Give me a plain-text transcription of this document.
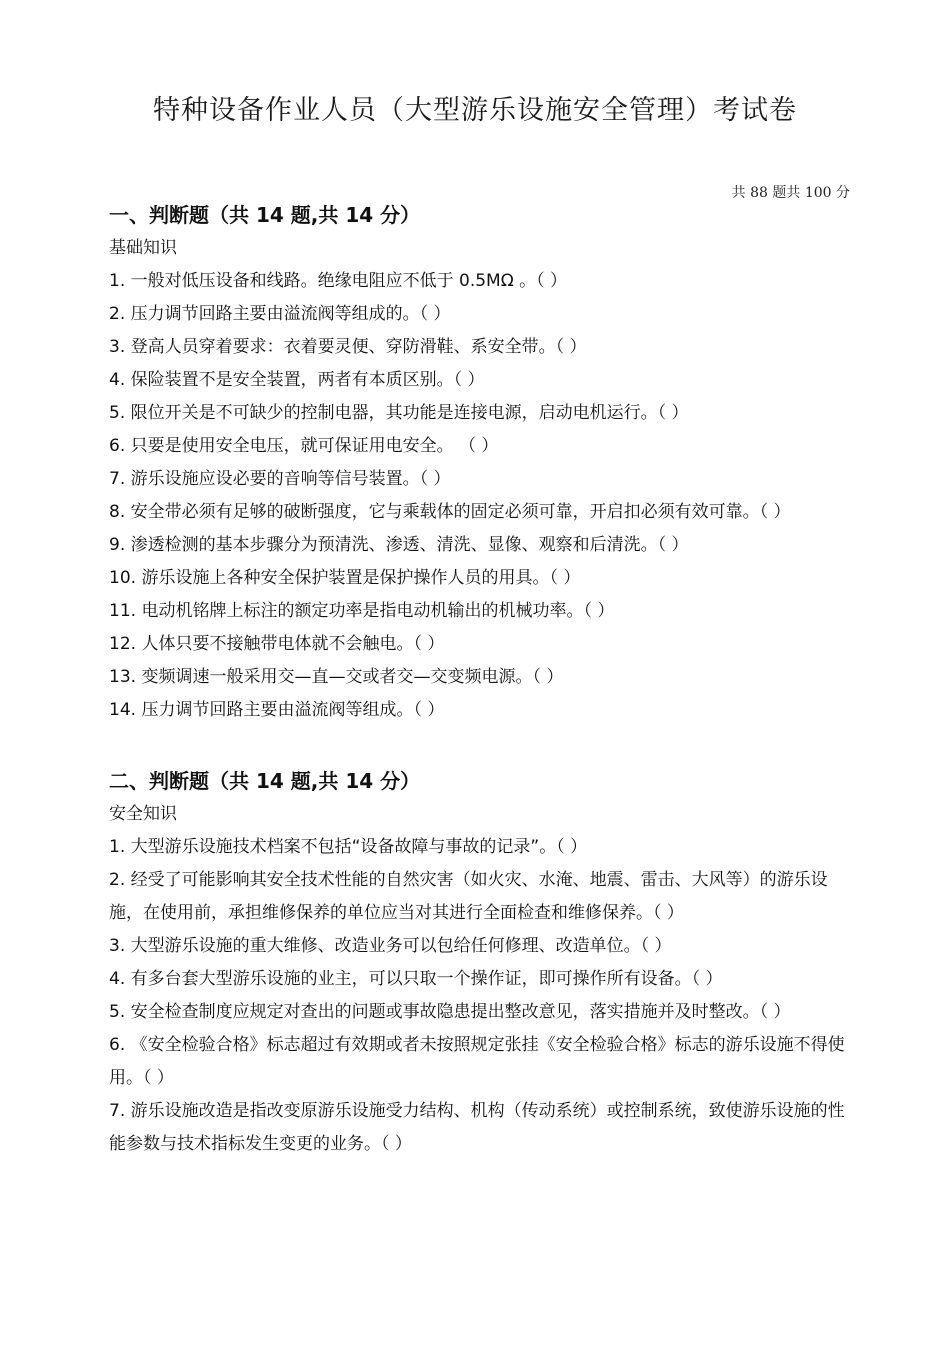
特种设备作业人员（大型游乐设施安全管理）考试卷
共 88 题共 100 分

一、判断题（共 14 题,共 14 分）

基础知识

1. 一般对低压设备和线路。绝缘电阻应不低于 0.5MΩ 。（ ）

2. 压力调节回路主要由溢流阀等组成的。（ ）

3. 登高人员穿着要求：衣着要灵便、穿防滑鞋、系安全带。（ ）

4. 保险装置不是安全装置，两者有本质区别。（ ）

5. 限位开关是不可缺少的控制电器，其功能是连接电源，启动电机运行。（ ）

6. 只要是使用安全电压，就可保证用电安全。 （ ）

7. 游乐设施应设必要的音响等信号装置。（ ）

8. 安全带必须有足够的破断强度，它与乘载体的固定必须可靠，开启扣必须有效可靠。（ ）

9. 渗透检测的基本步骤分为预清洗、渗透、清洗、显像、观察和后清洗。（ ）

10. 游乐设施上各种安全保护装置是保护操作人员的用具。（ ）

11. 电动机铭牌上标注的额定功率是指电动机输出的机械功率。（ ）

12. 人体只要不接触带电体就不会触电。（ ）

13. 变频调速一般采用交—直—交或者交—交变频电源。（ ）

14. 压力调节回路主要由溢流阀等组成。（ ）

二、判断题（共 14 题,共 14 分）

安全知识

1. 大型游乐设施技术档案不包括“设备故障与事故的记录”。（ ）

2. 经受了可能影响其安全技术性能的自然灾害（如火灾、水淹、地震、雷击、大风等）的游乐设施，在使用前，承担维修保养的单位应当对其进行全面检查和维修保养。（ ）

3. 大型游乐设施的重大维修、改造业务可以包给任何修理、改造单位。（ ）

4. 有多台套大型游乐设施的业主，可以只取一个操作证，即可操作所有设备。（ ）

5. 安全检查制度应规定对查出的问题或事故隐患提出整改意见，落实措施并及时整改。（ ）

6. 《安全检验合格》标志超过有效期或者未按照规定张挂《安全检验合格》标志的游乐设施不得使用。（ ）

7. 游乐设施改造是指改变原游乐设施受力结构、机构（传动系统）或控制系统，致使游乐设施的性能参数与技术指标发生变更的业务。（ ）
